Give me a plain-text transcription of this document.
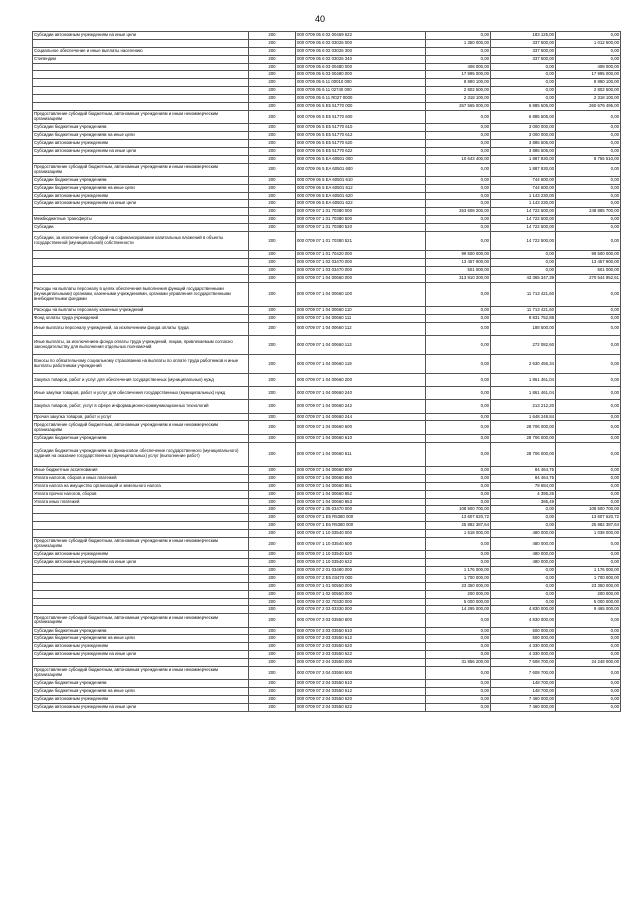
40
Субсидии автономным учреждениям на иные цели	200	000 0709 05 6 02 00469 622	0,00	183 125,00	0,00
	200	000 0709 05 6 02 03026 000	1 350 000,00	337 500,00	1 012 500,00
Социальное обеспечение и иные выплаты населению	200	000 0709 05 6 02 03026 300	0,00	337 500,00	0,00
Стипендии	200	000 0709 05 6 02 03026 340	0,00	337 500,00	0,00
	200	000 0709 05 6 03 00480 000	408 000,00	0,00	408 000,00
	200	000 0709 05 6 03 00480 000	17 995 000,00	0,00	17 995 000,00
	200	000 0709 05 6 11 00010 000	8 890 100,00	0,00	8 890 100,00
	200	000 0709 05 6 11 02740 000	2 802 500,00	0,00	2 802 500,00
	200	000 0709 05 6 11 R027 0000	2 318 100,00	0,00	2 318 100,00
	200	000 0709 06 5 E5 51770 000	267 565 000,00	6 885 505,00	260 679 495,00
Предоставление субсидий бюджетным, автономным учреждениям и иным некоммерческим организациям	200	000 0709 06 5 E5 51770 600	0,00	6 885 505,00	0,00
Субсидии бюджетным учреждениям	200	000 0709 06 5 E5 51770 610	0,00	3 000 000,00	0,00
Субсидии бюджетным учреждениям на иные цели	200	000 0709 06 5 E5 51770 612	0,00	3 000 000,00	0,00
Субсидии автономным учреждениям	200	000 0709 06 5 E5 51770 620	0,00	3 885 505,00	0,00
Субсидии автономным учреждениям на иные цели	200	000 0709 06 5 E5 51770 622	0,00	3 885 505,00	0,00
	200	000 0709 06 5 EA 60501 000	10 643 400,00	1 887 830,00	8 755 510,00
Предоставление субсидий бюджетным, автономным учреждениям и иным некоммерческим организациям	200	000 0709 06 5 EA 60501 600	0,00	1 887 830,00	0,00
Субсидии бюджетным учреждениям	200	000 0709 06 5 EA 60501 610	0,00	744 600,00	0,00
Субсидии бюджетным учреждениям на иные цели	200	000 0709 06 5 EA 60501 612	0,00	744 600,00	0,00
Субсидии автономным учреждениям	200	000 0709 06 5 EA 60501 620	0,00	1 143 230,00	0,00
Субсидии автономным учреждениям на иные цели	200	000 0709 06 5 EA 60501 622	0,00	1 143 230,00	0,00
	200	000 0709 07 1 01 70380 000	263 608 200,00	14 722 500,00	248 885 700,00
Межбюджетные трансферты	200	000 0709 07 1 01 70380 500	0,00	14 722 500,00	0,00
Субсидии	200	000 0709 07 1 01 70380 520	0,00	14 722 500,00	0,00
Субсидии, за исключением субсидий на софинансирование капитальных вложений в объекты государственной (муниципальной) собственности	200	000 0709 07 1 01 70380 521	0,00	14 722 500,00	0,00
	200	000 0709 07 1 01 70420 000	99 500 000,00	0,00	99 500 000,00
	200	000 0709 07 1 02 03470 000	13 457 900,00	0,00	13 457 900,00
	200	000 0709 07 1 03 03470 000	501 000,00	0,00	501 000,00
	200	000 0709 07 1 04 00660 000	313 910 200,00	43 365 347,39	270 544 852,61
Расходы на выплаты персоналу в целях обеспечения выполнения функций государственными (муниципальными) органами, казенными учреждениями, органами управления государственными внебюджетными фондами	200	000 0709 07 1 04 00660 100	0,00	11 713 421,60	0,00
Расходы на выплаты персоналу казенных учреждений	200	000 0709 07 1 04 00660 110	0,00	11 713 421,60	0,00
Фонд оплаты труда учреждений	200	000 0709 07 1 04 00660 111	0,00	8 831 752,88	0,00
Иные выплаты персоналу учреждений, за исключением фонда оплаты труда	200	000 0709 07 1 04 00660 112	0,00	188 500,00	0,00
Иные выплаты, за исключением фонда оплаты труда учреждений, лицам, привлекаемым согласно законодательству для выполнения отдельных полномочий	200	000 0709 07 1 04 00660 113	0,00	272 082,60	0,00
Взносы по обязательному социальному страхованию на выплаты по оплате труда работников и иные выплаты работникам учреждений	200	000 0709 07 1 04 00660 119	0,00	2 630 455,34	0,00
Закупка товаров, работ и услуг для обеспечения государственных (муниципальных) нужд	200	000 0709 07 1 04 00660 200	0,00	1 861 461,04	0,00
Иные закупки товаров, работ и услуг для обеспечения государственных (муниципальных) нужд	200	000 0709 07 1 04 00660 240	0,00	1 861 461,04	0,00
Закупка товаров, работ, услуг в сфере информационно-коммуникационных технологий	200	000 0709 07 1 04 00660 242	0,00	213 212,20	0,00
Прочая закупка товаров, работ и услуг	200	000 0709 07 1 04 00660 244	0,00	1 648 248,84	0,00
Предоставление субсидий бюджетным, автономным учреждениям и иным некоммерческим организациям	200	000 0709 07 1 04 00660 600	0,00	28 706 000,00	0,00
Субсидии бюджетным учреждениям	200	000 0709 07 1 04 00660 610	0,00	28 706 000,00	0,00
Субсидии бюджетным учреждениям на финансовое обеспечение государственного (муниципального) задания на оказание государственных (муниципальных) услуг (выполнение работ)	200	000 0709 07 1 04 00660 611	0,00	28 706 000,00	0,00
Иные бюджетные ассигнования	200	000 0709 07 1 04 00660 800	0,00	84 464,75	0,00
Уплата налогов, сборов и иных платежей	200	000 0709 07 1 04 00660 850	0,00	84 464,75	0,00
Уплата налога на имущество организаций и земельного налога	200	000 0709 07 1 04 00660 851	0,00	79 684,00	0,00
Уплата прочих налогов, сборов	200	000 0709 07 1 04 00660 852	0,00	4 395,26	0,00
Уплата иных платежей	200	000 0709 07 1 04 00660 853	0,00	385,49	0,00
	200	000 0709 07 1 05 03470 000	108 500 700,00	0,00	108 500 700,00
	200	000 0709 07 1 E5 R5380 000	13 607 620,72	0,00	13 607 620,72
	200	000 0709 07 1 E6 R5380 000	25 882 387,64	0,00	25 882 387,64
	200	000 0709 07 1 10 03540 000	1 518 000,00	480 000,00	1 038 000,00
Предоставление субсидий бюджетным, автономным учреждениям и иным некоммерческим организациям	200	000 0709 07 1 10 03540 600	0,00	480 000,00	0,00
Субсидии автономным учреждениям	200	000 0709 07 1 10 03540 620	0,00	480 000,00	0,00
Субсидии автономным учреждениям на иные цели	200	000 0709 07 1 10 03540 622	0,00	480 000,00	0,00
	200	000 0709 07 2 01 03480 000	1 176 000,00	0,00	1 176 000,00
	200	000 0709 07 2 E5 03470 000	1 700 000,00	0,00	1 700 000,00
	200	000 0709 07 1 01 00550 000	23 350 000,00	0,00	23 350 000,00
	200	000 0709 07 1 02 00550 000	200 000,00	0,00	200 000,00
	200	000 0709 07 2 02 70330 000	5 000 000,00	0,00	5 000 000,00
	200	000 0709 07 2 03 03330 000	14 295 000,00	4 830 000,00	9 465 000,00
Предоставление субсидий бюджетным, автономным учреждениям и иным некоммерческим организациям	200	000 0709 07 3 03 03550 600	0,00	4 830 000,00	0,00
Субсидии бюджетным учреждениям	200	000 0709 07 3 03 03550 610	0,00	500 000,00	0,00
Субсидии бюджетным учреждениям на иные цели	200	000 0709 07 3 03 03550 612	0,00	500 000,00	0,00
Субсидии автономным учреждениям	200	000 0709 07 3 03 03550 620	0,00	4 330 000,00	0,00
Субсидии автономным учреждениям на иные цели	200	000 0709 07 3 03 03550 622	0,00	4 330 000,00	0,00
	200	000 0709 07 3 04 03550 000	31 856 200,00	7 608 700,00	24 248 000,00
Предоставление субсидий бюджетным, автономным учреждениям и иным некоммерческим организациям	200	000 0709 07 3 04 03550 600	0,00	7 608 700,00	0,00
Субсидии бюджетным учреждениям	200	000 0709 07 3 04 03550 610	0,00	148 700,00	0,00
Субсидии бюджетным учреждениям на иные цели	200	000 0709 07 3 04 03550 612	0,00	148 700,00	0,00
Субсидии автономным учреждениям	200	000 0709 07 3 04 03550 620	0,00	7 460 000,00	0,00
Субсидии автономным учреждениям на иные цели	200	000 0709 07 3 04 03550 622	0,00	7 460 000,00	0,00
